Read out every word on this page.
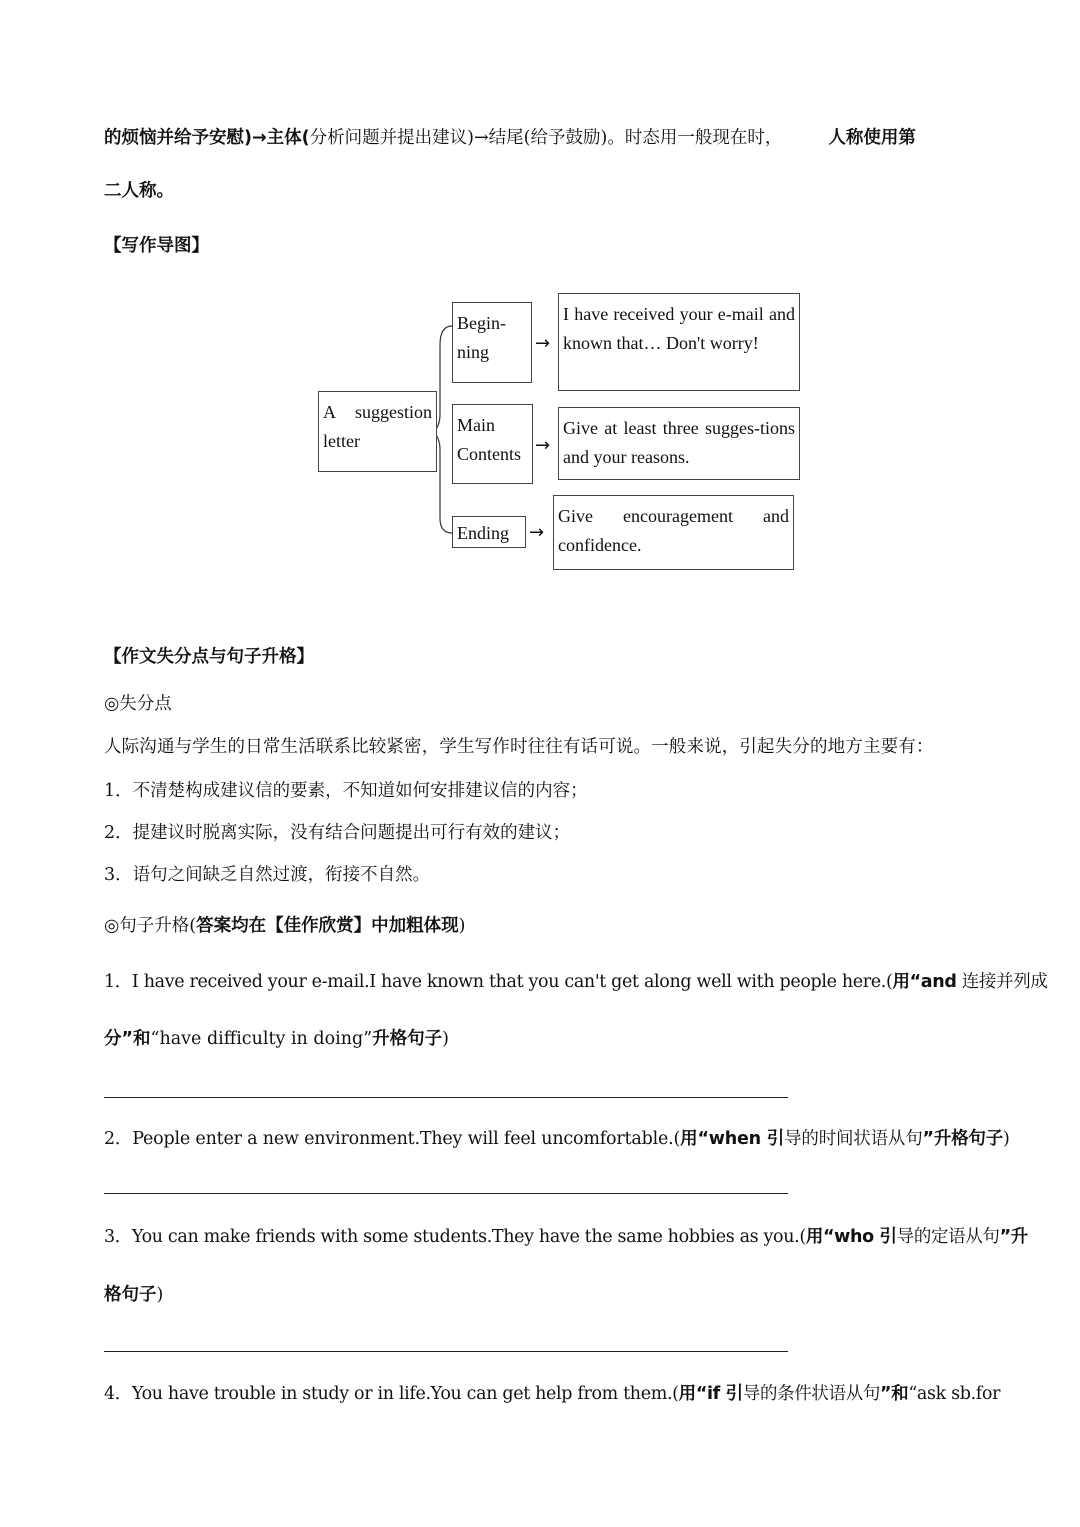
的烦恼并给予安慰)→主体(分析问题并提出建议)→结尾(给予鼓励)。时态用一般现在时，	人称使用第
二人称。
【写作导图】
A suggestion letter
Begin-ning	→
I have received your e-mail and known that… Don't worry!
Main Contents →
Give at least three sugges-tions and your reasons.
Ending	→
Give encouragement and confidence.
【作文失分点与句子升格】
◎失分点
人际沟通与学生的日常生活联系比较紧密，学生写作时往往有话可说。一般来说，引起失分的地方主要有：
1．不清楚构成建议信的要素，不知道如何安排建议信的内容；
2．提建议时脱离实际，没有结合问题提出可行有效的建议；
3．语句之间缺乏自然过渡，衔接不自然。
◎句子升格(答案均在【佳作欣赏】中加粗体现)
1．I have received your e-mail.I have known that you can't get along well with people here.(用“and 连接并列成
分”和“have difficulty in doing”升格句子)
2．People enter a new environment.They will feel uncomfortable.(用“when 引导的时间状语从句”升格句子)
3．You can make friends with some students.They have the same hobbies as you.(用“who 引导的定语从句”升
格句子)
4．You have trouble in study or in life.You can get help from them.(用“if 引导的条件状语从句”和“ask sb.for
